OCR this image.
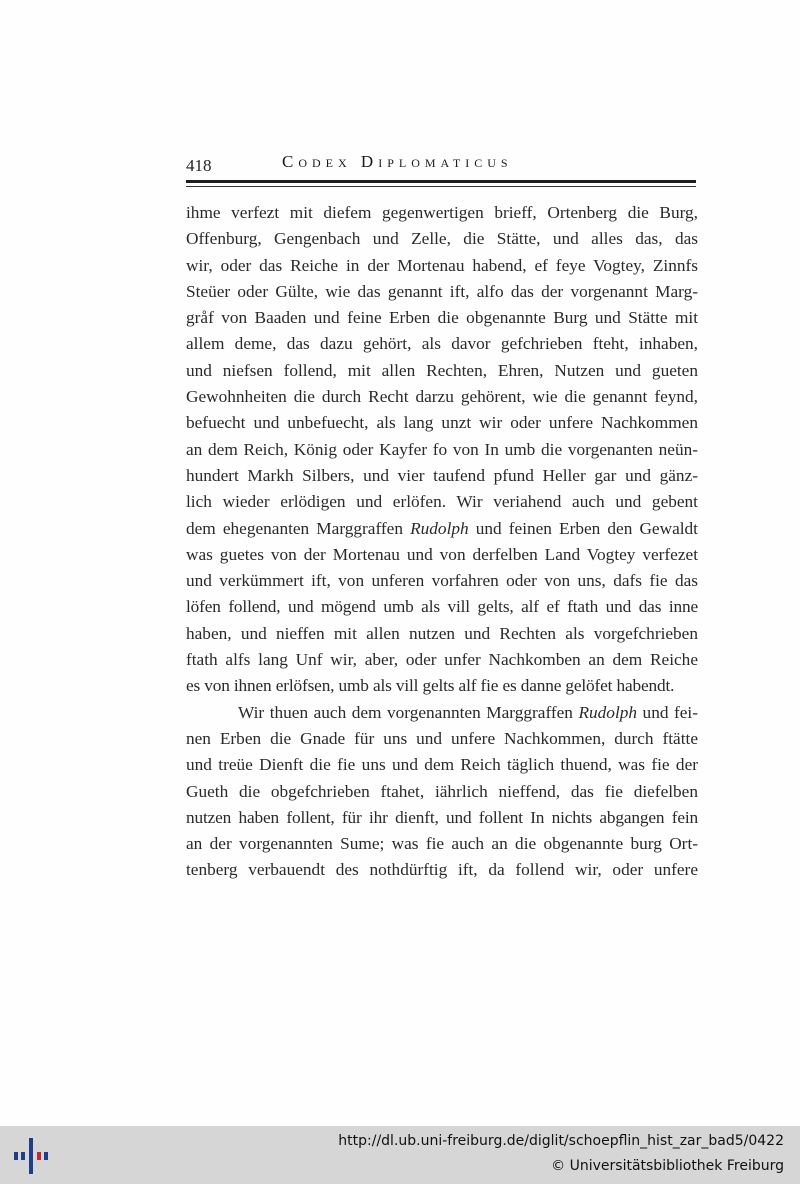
418	Codex Diplomaticus
ihme verfezt mit diefem gegenwertigen brieff, Ortenberg die Burg,
Offenburg, Gengenbach und Zelle, die Stätte, und alles das, das
wir, oder das Reiche in der Mortenau habend, ef feye Vogtey, Zinnfs
Steüer oder Gülte, wie das genannt ift, alfo das der vorgenannt Marg-
gråf von Baaden und feine Erben die obgenannte Burg und Stätte mit
allem deme, das dazu gehört, als davor gefchrieben fteht, inhaben,
und niefsen follend, mit allen Rechten, Ehren, Nutzen und gueten
Gewohnheiten die durch Recht darzu gehörent, wie die genannt feynd,
befuecht und unbefuecht, als lang unzt wir oder unfere Nachkommen
an dem Reich, König oder Kayfer fo von In umb die vorgenanten neün-
hundert Markh Silbers, und vier taufend pfund Heller gar und gänz-
lich wieder erlödigen und erlöfen. Wir veriahend auch und gebent
dem ehegenanten Marggraffen Rudolph und feinen Erben den Gewaldt
was guetes von der Mortenau und von derfelben Land Vogtey verfezet
und verkümmert ift, von unferen vorfahren oder von uns, dafs fie das
löfen follend, und mögend umb als vill gelts, alf ef ftath und das inne
haben, und nieffen mit allen nutzen und Rechten als vorgefchrieben
ftath alfs lang Unf wir, aber, oder unfer Nachkomben an dem Reiche
es von ihnen erlöfsen, umb als vill gelts alf fie es danne gelöfet habendt.
Wir thuen auch dem vorgenannten Marggraffen Rudolph und fei-
nen Erben die Gnade für uns und unfere Nachkommen, durch ftätte
und treüe Dienft die fie uns und dem Reich täglich thuend, was fie der
Gueth die obgefchrieben ftahet, iährlich nieffend, das fie diefelben
nutzen haben follent, für ihr dienft, und follent In nichts abgangen fein
an der vorgenannten Sume; was fie auch an die obgenannte burg Ort-
tenberg verbauendt des nothdürftig ift, da follend wir, oder unfere
http://dl.ub.uni-freiburg.de/diglit/schoepflin_hist_zar_bad5/0422
© Universitätsbibliothek Freiburg
